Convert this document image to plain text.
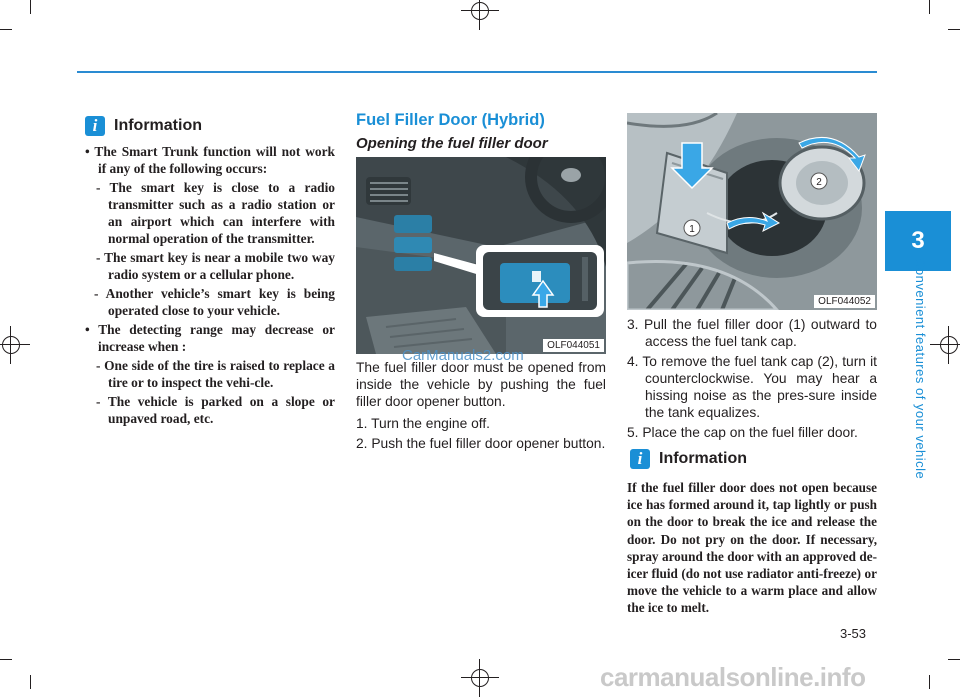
3
Convenient features of your vehicle
i	Information
• The Smart Trunk function will not work if any of the following occurs:
- The smart key is close to a radio transmitter such as a radio station or an airport which can interfere with normal operation of the transmitter.
- The smart key is near a mobile two way radio system or a cellular phone.
- Another vehicle’s smart key is being operated close to your vehicle.
• The detecting range may decrease or increase when :
- One side of the tire is raised to replace a tire or to inspect the vehi-cle.
- The vehicle is parked on a slope or unpaved road, etc.
Fuel Filler Door (Hybrid)
Opening the fuel filler door
OLF044051
CarManuals2.com
The fuel filler door must be opened from inside the vehicle by pushing the fuel filler door opener button.
1. Turn the engine off.
2. Push the fuel filler door opener button.
1
2
OLF044052
3. Pull the fuel filler door (1) outward to access the fuel tank cap.
4. To remove the fuel tank cap (2), turn it counterclockwise. You may hear a hissing noise as the pres-sure inside the tank equalizes.
5. Place the cap on the fuel filler door.
i	Information
If the fuel filler door does not open because ice has formed around it, tap lightly or push on the door to break the ice and release the door. Do not pry on the door. If necessary, spray around the door with an approved de-icer fluid (do not use radiator anti-freeze) or move the vehicle to a warm place and allow the ice to melt.
3-53
carmanualsonline.info
